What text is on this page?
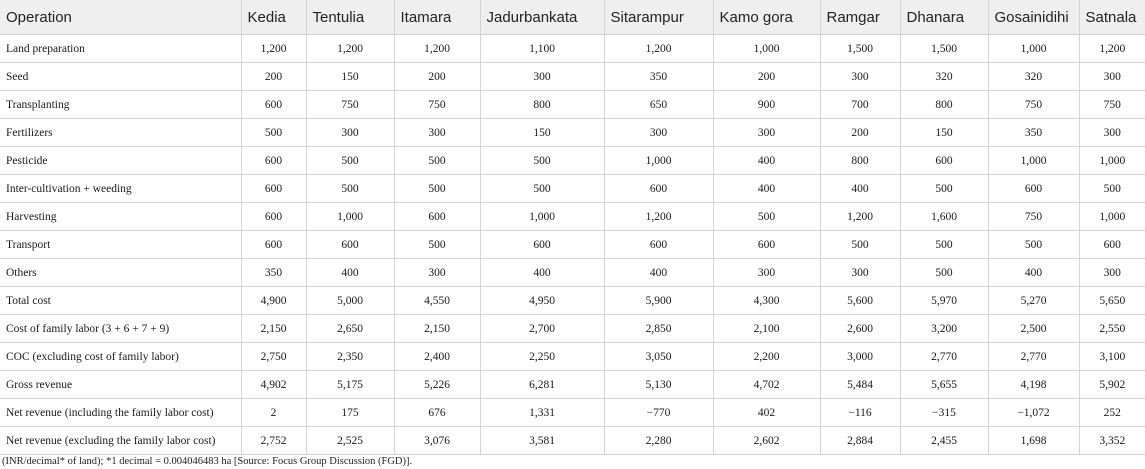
Operation	Kedia	Tentulia	Itamara	Jadurbankata	Sitarampur	Kamo gora	Ramgar	Dhanara	Gosainidihi	Satnala
Land preparation	1,200	1,200	1,200	1,100	1,200	1,000	1,500	1,500	1,000	1,200
Seed	200	150	200	300	350	200	300	320	320	300
Transplanting	600	750	750	800	650	900	700	800	750	750
Fertilizers	500	300	300	150	300	300	200	150	350	300
Pesticide	600	500	500	500	1,000	400	800	600	1,000	1,000
Inter-cultivation + weeding	600	500	500	500	600	400	400	500	600	500
Harvesting	600	1,000	600	1,000	1,200	500	1,200	1,600	750	1,000
Transport	600	600	500	600	600	600	500	500	500	600
Others	350	400	300	400	400	300	300	500	400	300
Total cost	4,900	5,000	4,550	4,950	5,900	4,300	5,600	5,970	5,270	5,650
Cost of family labor (3 + 6 + 7 + 9)	2,150	2,650	2,150	2,700	2,850	2,100	2,600	3,200	2,500	2,550
COC (excluding cost of family labor)	2,750	2,350	2,400	2,250	3,050	2,200	3,000	2,770	2,770	3,100
Gross revenue	4,902	5,175	5,226	6,281	5,130	4,702	5,484	5,655	4,198	5,902
Net revenue (including the family labor cost)	2	175	676	1,331	−770	402	−116	−315	−1,072	252
Net revenue (excluding the family labor cost)	2,752	2,525	3,076	3,581	2,280	2,602	2,884	2,455	1,698	3,352
(INR/decimal* of land); *1 decimal = 0.004046483 ha [Source: Focus Group Discussion (FGD)].
